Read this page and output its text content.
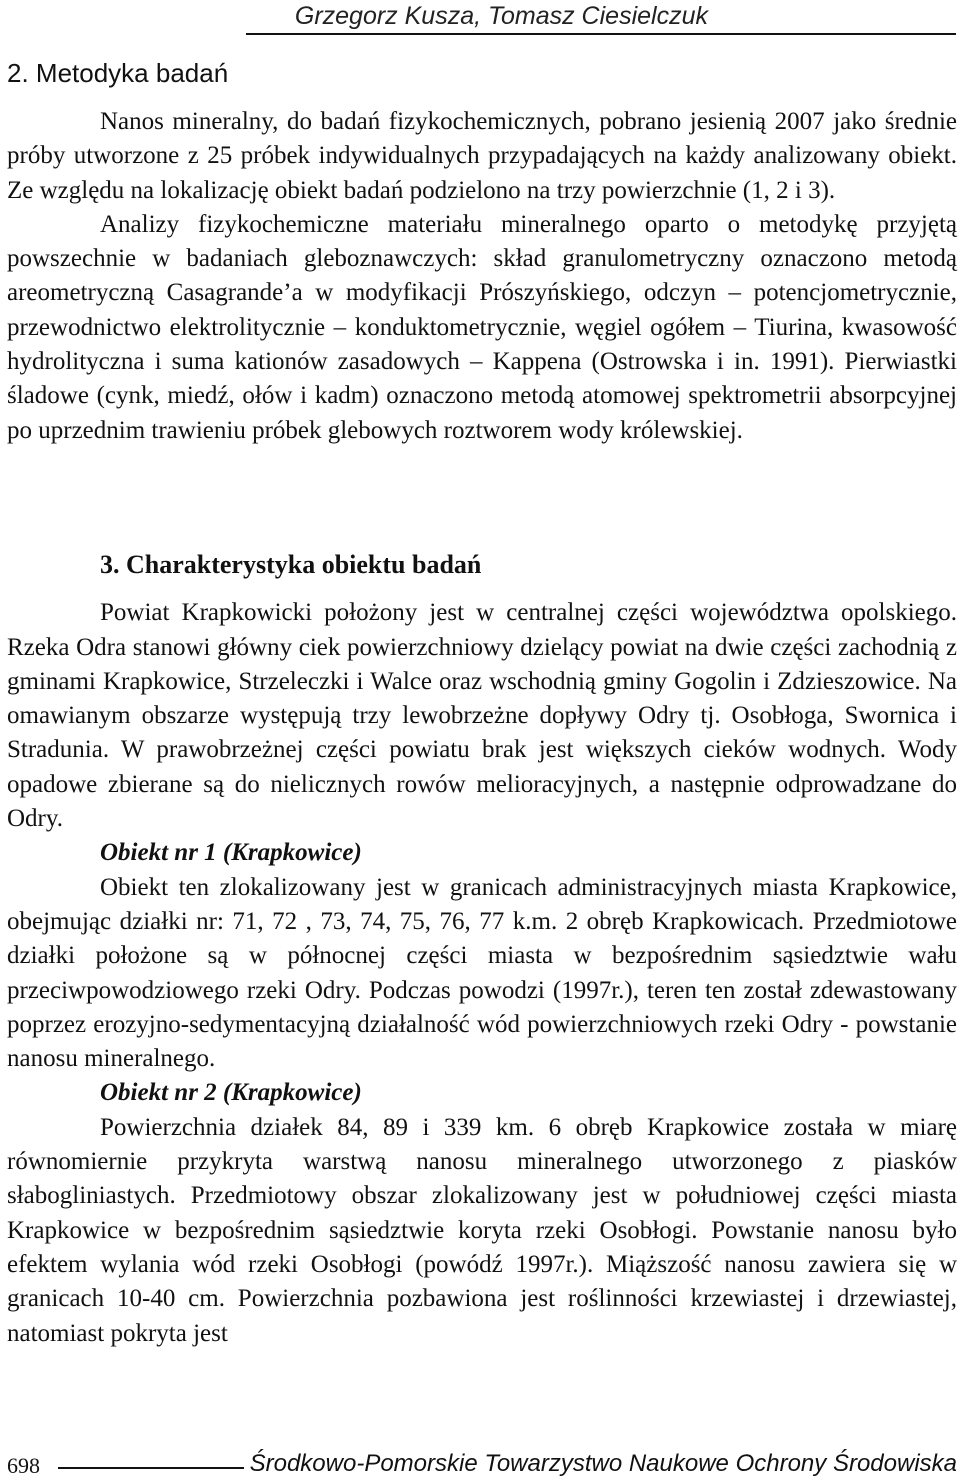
Grzegorz Kusza, Tomasz Ciesielczuk
2. Metodyka badań

Nanos mineralny, do badań fizykochemicznych, pobrano jesienią 2007 jako średnie próby utworzone z 25 próbek indywidualnych przypadających na każdy analizowany obiekt. Ze względu na lokalizację obiekt badań podzielono na trzy powierzchnie (1, 2 i 3).

Analizy fizykochemiczne materiału mineralnego oparto o metodykę przyjętą powszechnie w badaniach gleboznawczych: skład granulometryczny oznaczono metodą areometryczną Casagrande’a w modyfikacji Prószyńskiego, odczyn – potencjometrycznie, przewodnictwo elektrolitycznie – konduktometrycznie, węgiel ogółem – Tiurina, kwasowość hydrolityczna i suma kationów zasadowych – Kappena (Ostrowska i in. 1991). Pierwiastki śladowe (cynk, miedź, ołów i kadm) oznaczono metodą atomowej spektrometrii absorpcyjnej po uprzednim trawieniu próbek glebowych roztworem wody królewskiej.

3. Charakterystyka obiektu badań

Powiat Krapkowicki położony jest w centralnej części województwa opolskiego. Rzeka Odra stanowi główny ciek powierzchniowy dzielący powiat na dwie części zachodnią z gminami Krapkowice, Strzeleczki i Walce oraz wschodnią gminy Gogolin i Zdzieszowice. Na omawianym obszarze występują trzy lewobrzeżne dopływy Odry tj. Osobłoga, Swornica i Stradunia. W prawobrzeżnej części powiatu brak jest większych cieków wodnych. Wody opadowe zbierane są do nielicznych rowów melioracyjnych, a następnie odprowadzane do Odry.

Obiekt nr 1 (Krapkowice)

Obiekt ten zlokalizowany jest w granicach administracyjnych miasta Krapkowice, obejmując działki nr: 71, 72 , 73, 74, 75, 76, 77 k.m. 2 obręb Krapkowicach. Przedmiotowe działki położone są w północnej części miasta w bezpośrednim sąsiedztwie wału przeciwpowodziowego rzeki Odry. Podczas powodzi (1997r.), teren ten został zdewastowany poprzez erozyjno-sedymentacyjną działalność wód powierzchniowych rzeki Odry - powstanie nanosu mineralnego.

Obiekt nr 2 (Krapkowice)

Powierzchnia działek 84, 89 i 339 km. 6 obręb Krapkowice została w miarę równomiernie przykryta warstwą nanosu mineralnego utworzonego z piasków słabogliniastych. Przedmiotowy obszar zlokalizowany jest w południowej części miasta Krapkowice w bezpośrednim sąsiedztwie koryta rzeki Osobłogi. Powstanie nanosu było efektem wylania wód rzeki Osobłogi (powódź 1997r.). Miąższość nanosu zawiera się w granicach 10-40 cm. Powierzchnia pozbawiona jest roślinności krzewiastej i drzewiastej, natomiast pokryta jest

698	Środkowo-Pomorskie Towarzystwo Naukowe Ochrony Środowiska
